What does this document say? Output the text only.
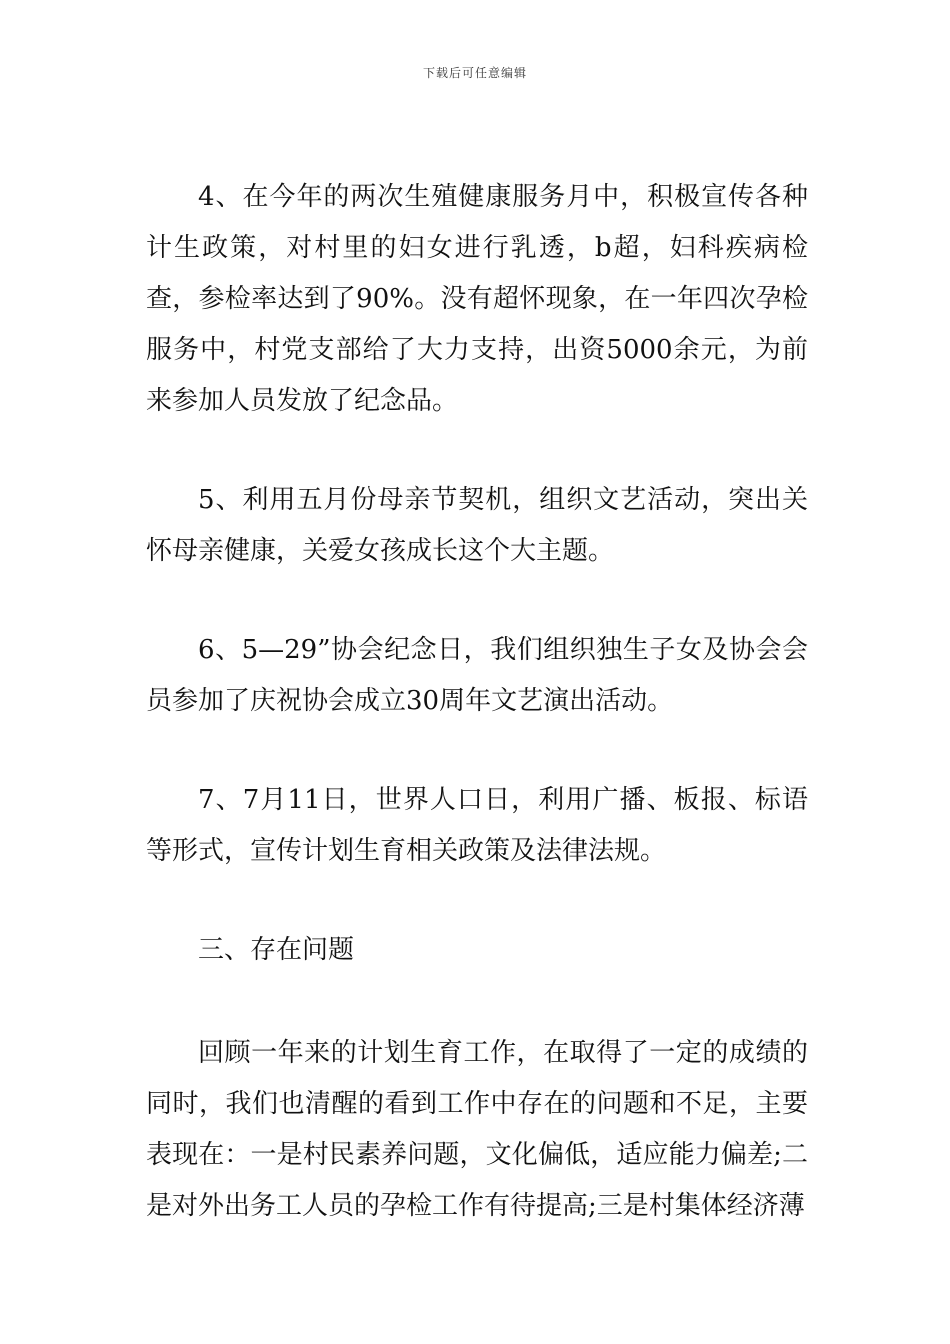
下载后可任意编辑

4、在今年的两次生殖健康服务月中，积极宣传各种计生政策，对村里的妇女进行乳透，b超，妇科疾病检查，参检率达到了90%。没有超怀现象，在一年四次孕检服务中，村党支部给了大力支持，出资5000余元，为前来参加人员发放了纪念品。

5、利用五月份母亲节契机，组织文艺活动，突出关怀母亲健康，关爱女孩成长这个大主题。

6、5—29”协会纪念日，我们组织独生子女及协会会员参加了庆祝协会成立30周年文艺演出活动。

7、7月11日，世界人口日，利用广播、板报、标语等形式，宣传计划生育相关政策及法律法规。

三、存在问题

回顾一年来的计划生育工作，在取得了一定的成绩的同时，我们也清醒的看到工作中存在的问题和不足，主要表现在：一是村民素养问题，文化偏低，适应能力偏差;二是对外出务工人员的孕检工作有待提高;三是村集体经济薄
